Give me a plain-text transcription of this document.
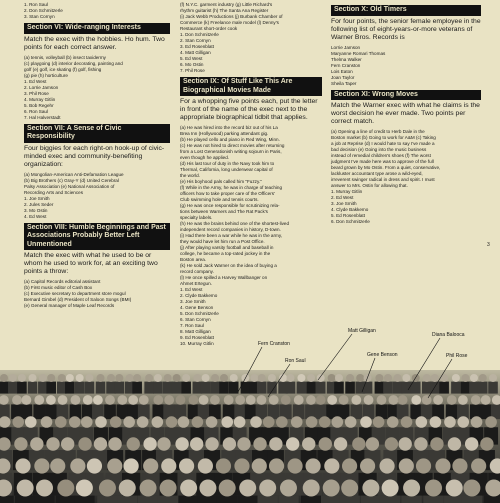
1. Ron Saul
2. Don Schmitzerle
3. Stan Cornyn
Section VI: Wide-ranging Interests
Match the exec with the hobbies. Ho hum. Two points for each correct answer.
(a) tennis, volleyball (b) insect taxidermy
(c) playgoing (d) interior decorating, painting and
golf (e) golf, ice skating (f) golf, fishing
(g) pie (h) horticulture
1. Ed West
2. Lorrie Jamson
3. Phil Rose
4. Murray Gitlin
5. Bob Regehr
6. Ron Saul
7. Hal Halverstadt
Section VII: A Sense of Civic Responsibility
Four biggies for each right-on hook-up of civic-minded exec and community-benefiting organization:
(a) Mongolian-American Anti-Defamation League
(b) Big Brothers (c) Gray-Y (d) United Cerebral
Palsy Association (e) National Association of
Recording Arts and Sciences
1. Joe Smith
2. Jules Seder
3. Mo Ostin
4. Ed West
Section VIII: Humble Beginnings and Past Associations Probably Better Left Unmentioned
Match the exec with what he used to be or whom he used to work for, at an exciting two points a throw:
(a) Capitol Records editorial assistant
(b) First music editor of Cash Box
(c) Executive secretary to department store mogul
Bernard Gimbel (d) President of Saloon Songs (BMI)
(e) General manager of Maple Leaf Records
(f) N.Y.C. garment industry (g) Little Richard's
rhythm guitarist (h) The Santa Ana Register
(i) Jack Webb Productions (j) Burbank Chamber of
Commerce (k) Freelance male model (l) Denny's
Restaurant short-order cook
1. Don Schmitzerle
2. Stan Cornyn
3. Ed Rosenblatt
4. Matt Gilligan
5. Ed West
6. Mo Ostin
7. Phil Rose
Section IX: Of Stuff Like This Are Biographical Movies Made
For a whopping five points each, put the letter in front of the name of the exec next to the appropriate biographical tidbit that applies.
(a) He was hired into the record biz out of his La
Brea Inn (Hollywood) parking attendant gig.
(b) He played cello and piano in Red Wing, Minn.
(c) He was not hired to direct movies after returning
from a Lost Generationish writing sojourn in Paris,
even though he applied.
(d) His last tour of duty in the Navy took him to
Thermal, California, long underwear capital of
the world.
(e) His boyhood pals called him "Fuzzy."
(f) While in the Army, he was in charge of teaching
officers how to take proper care of the Officers'
Club swimming hole and tennis courts.
(g) He was once responsible for scrutinizing rela-
tions between Warners and The Rat Pack's
specialty labels.
(h) He was the brains behind one of the shortest-lived
independent record companies in history, D-town.
(i) Had there been a war while he was in the army,
they would have let him run a Post Office.
(j) After playing varsity football and baseball in
college, he became a top-rated jockey in the
Boston area.
(k) He sold Jack Warner on the idea of buying a
record company.
(l) He once spilled a Harvey Wallbanger on
Ahmet Ertegun.
1. Ed West
2. Clyde Bakkemo
3. Joe Smith
4. Gene Benson
5. Don Schmitzerle
6. Stan Cornyn
7. Ron Saul
8. Matt Gilligan
9. Ed Rosenblatt
10. Murray Gitlin
Section X: Old Timers
For four points, the senior female employee in the following list of eight-years-or-more veterans of Warner Bros. Records is
Lorrie Jamson
Maryanne Romari Thomas
Thelma Walker
Fern Cranston
Lois Eaton
Joan Taylor
Sheila Taper
Section XI: Wrong Moves
Match the Warner exec with what he claims is the worst decision he ever made. Two points per correct match.
(a) Opening a line of credit to Herb Dale in the
Boston market (b) Going to work for A&M (c) Taking
a job at Reprise (d) I would hate to say I've made a
bad decision (e) Going into the music business
instead of remedial children's shoes (f) The worst
judgment I've made here was to approve of the full
beard grown by Mo Ostin. From a quiet, conservative,
lackluster accountant type arose a wild-eyed,
irreverent swinger radical in dress and spirit. I must
answer to Mrs. Ostin for allowing that.
1. Murray Gitlin
2. Ed West
3. Joe Smith
4. Clyde Bakkemo
5. Ed Rosenblatt
6. Don Schmitzerle
3
Fern Cranston
Ron Saul
Matt Gilligan
Gene Benson
Diana Balooca
Phil Rose
